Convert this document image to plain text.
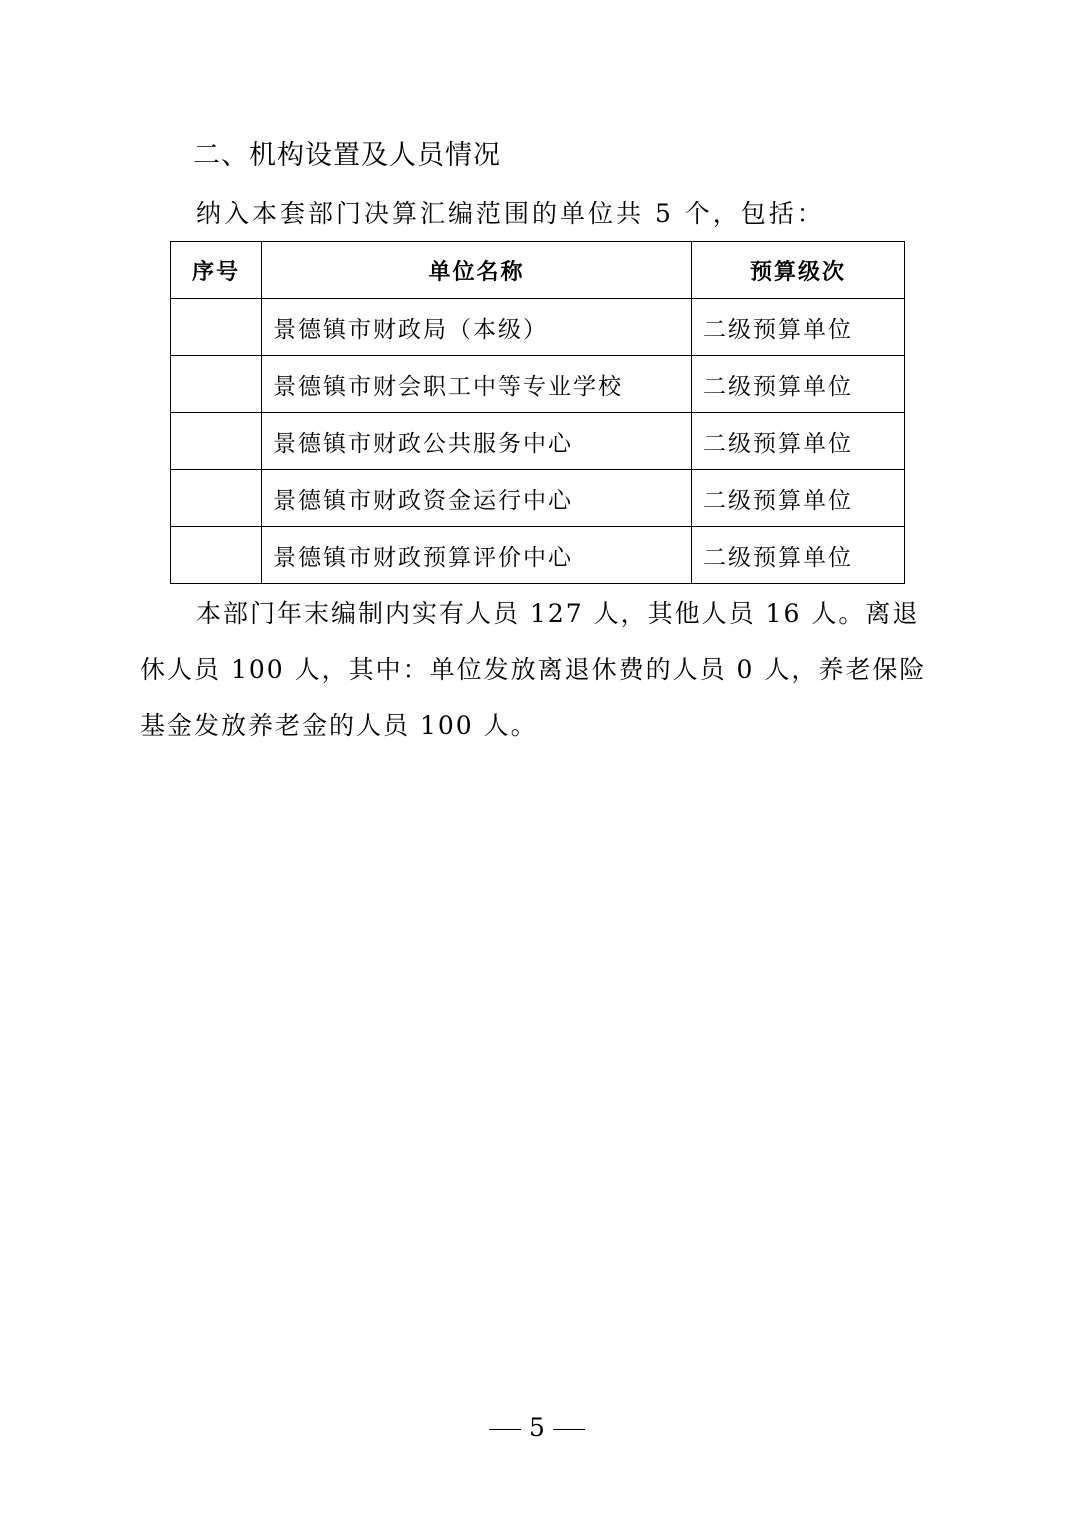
二、机构设置及人员情况
纳入本套部门决算汇编范围的单位共 5 个，包括：
序号	单位名称	预算级次
	景德镇市财政局（本级）	二级预算单位
	景德镇市财会职工中等专业学校	二级预算单位
	景德镇市财政公共服务中心	二级预算单位
	景德镇市财政资金运行中心	二级预算单位
	景德镇市财政预算评价中心	二级预算单位
本部门年末编制内实有人员 127 人，其他人员 16 人。离退
休人员 100 人，其中：单位发放离退休费的人员 0 人，养老保险
基金发放养老金的人员 100 人。
5
